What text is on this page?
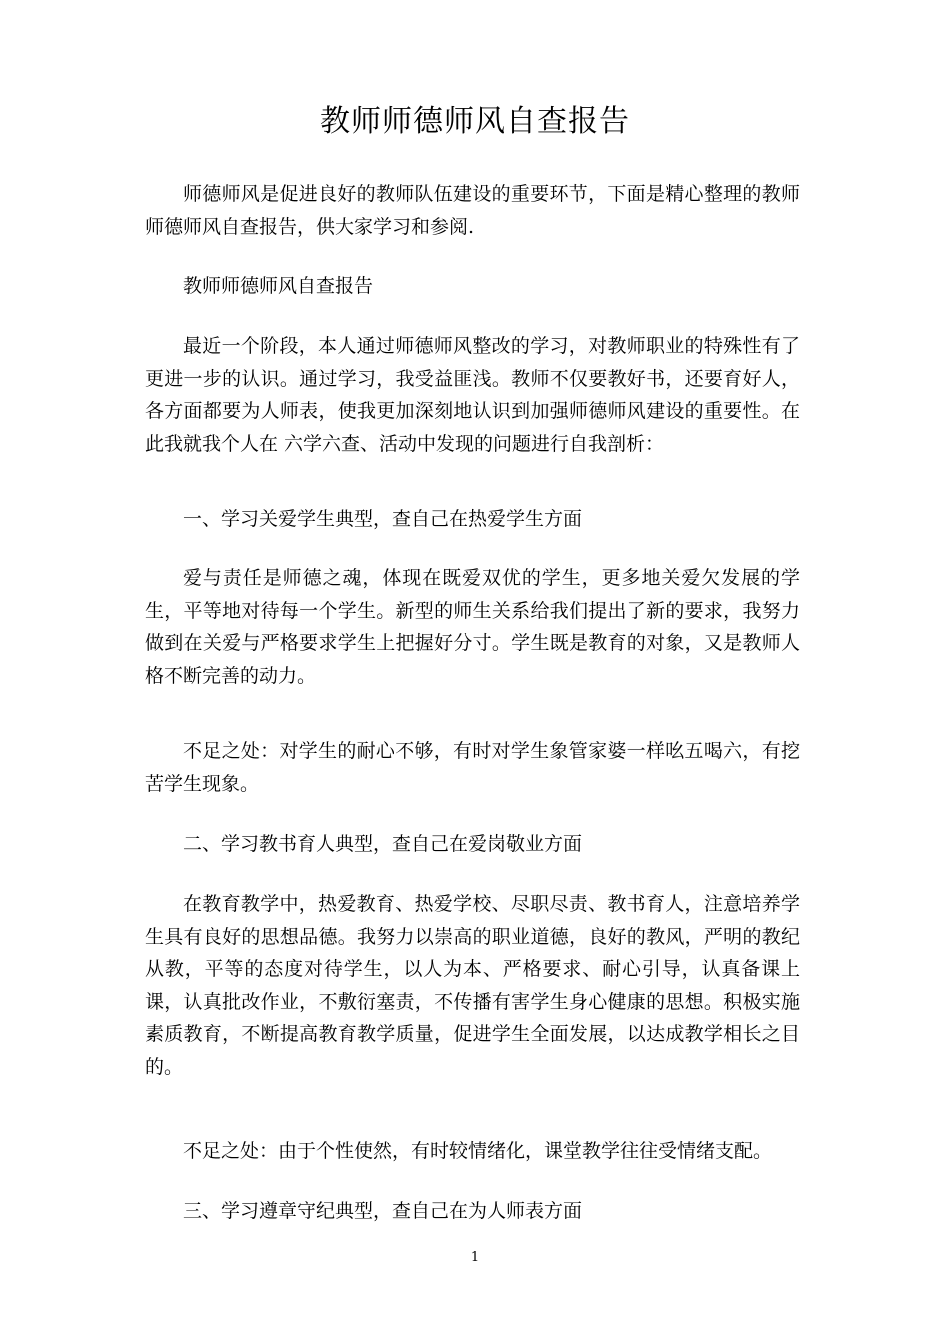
教师师德师风自查报告

师德师风是促进良好的教师队伍建设的重要环节，下面是精心整理的教师师德师风自查报告，供大家学习和参阅.

教师师德师风自查报告

最近一个阶段，本人通过师德师风整改的学习，对教师职业的特殊性有了更进一步的认识。通过学习，我受益匪浅。教师不仅要教好书，还要育好人，各方面都要为人师表，使我更加深刻地认识到加强师德师风建设的重要性。在此我就我个人在 六学六查、活动中发现的问题进行自我剖析：

一、学习关爱学生典型，查自己在热爱学生方面

爱与责任是师德之魂，体现在既爱双优的学生，更多地关爱欠发展的学生，平等地对待每一个学生。新型的师生关系给我们提出了新的要求，我努力做到在关爱与严格要求学生上把握好分寸。学生既是教育的对象，又是教师人格不断完善的动力。

不足之处：对学生的耐心不够，有时对学生象管家婆一样吆五喝六，有挖苦学生现象。

二、学习教书育人典型，查自己在爱岗敬业方面

在教育教学中，热爱教育、热爱学校、尽职尽责、教书育人，注意培养学生具有良好的思想品德。我努力以崇高的职业道德，良好的教风，严明的教纪从教，平等的态度对待学生，以人为本、严格要求、耐心引导，认真备课上课，认真批改作业，不敷衍塞责，不传播有害学生身心健康的思想。积极实施素质教育，不断提高教育教学质量，促进学生全面发展，以达成教学相长之目的。

不足之处：由于个性使然，有时较情绪化，课堂教学往往受情绪支配。

三、学习遵章守纪典型，查自己在为人师表方面

1
